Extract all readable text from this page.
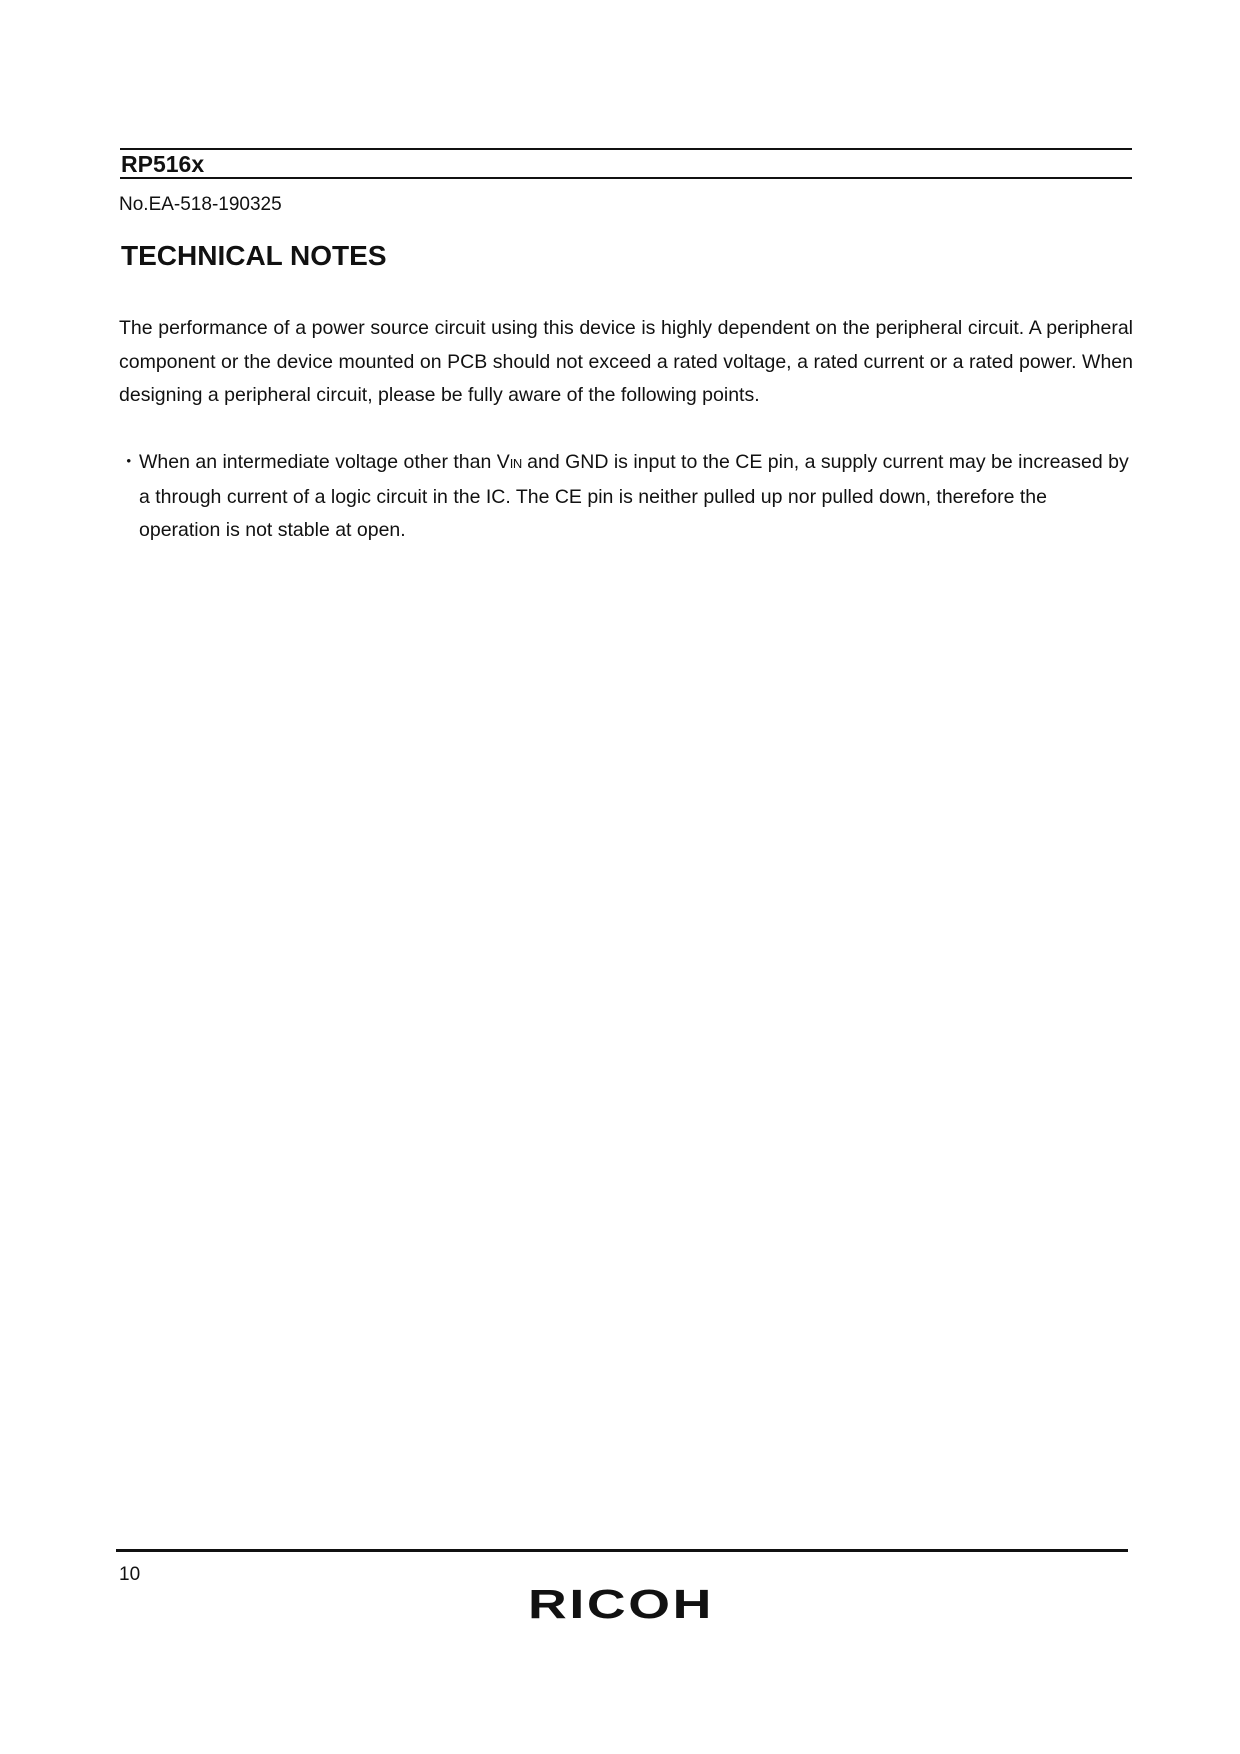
RP516x
No.EA-518-190325
TECHNICAL NOTES
The performance of a power source circuit using this device is highly dependent on the peripheral circuit. A peripheral component or the device mounted on PCB should not exceed a rated voltage, a rated current or a rated power. When designing a peripheral circuit, please be fully aware of the following points.
・ When an intermediate voltage other than VIN and GND is input to the CE pin, a supply current may be increased by a through current of a logic circuit in the IC. The CE pin is neither pulled up nor pulled down, therefore the operation is not stable at open.
10
RICOH
